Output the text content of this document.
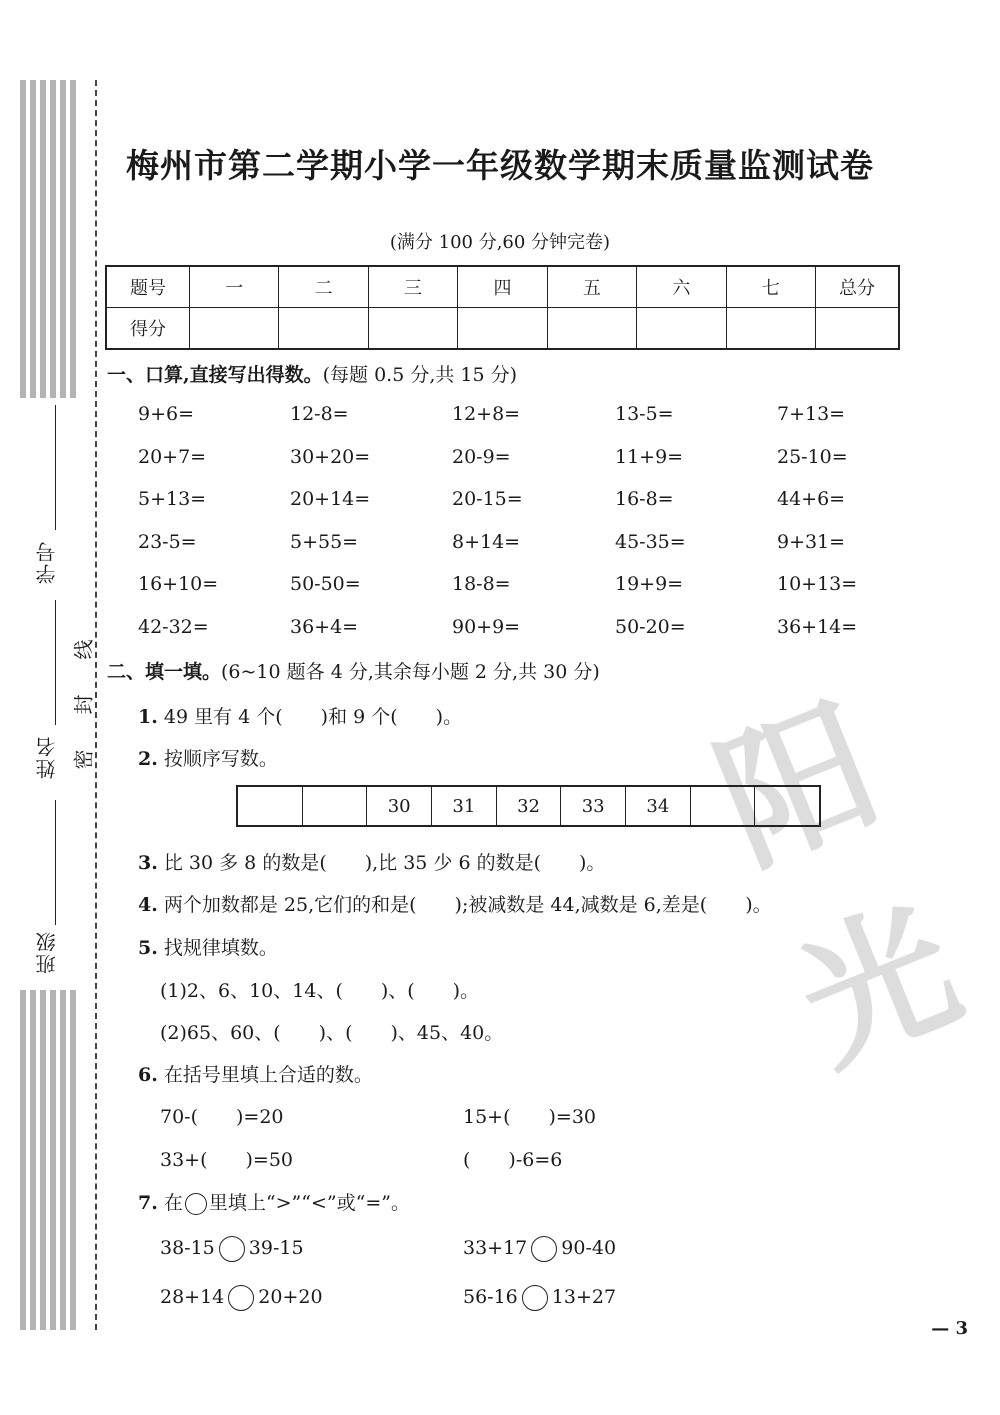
学号
姓名
班级
线
封
密	阳光
梅州市第二学期小学一年级数学期末质量监测试卷
(满分 100 分,60 分钟完卷)
题号	一	二	三	四	五	六	七	总分
得分								
一、口算,直接写出得数。(每题 0.5 分,共 15 分)
9+6=	12-8=	12+8=	13-5=	7+13=
20+7=	30+20=	20-9=	11+9=	25-10=
5+13=	20+14=	20-15=	16-8=	44+6=
23-5=	5+55=	8+14=	45-35=	9+31=
16+10=	50-50=	18-8=	19+9=	10+13=
42-32=	36+4=	90+9=	50-20=	36+14=
二、填一填。(6~10 题各 4 分,其余每小题 2 分,共 30 分)
1. 49 里有 4 个(　　)和 9 个(　　)。
2. 按顺序写数。
30	31	32	33	34
3. 比 30 多 8 的数是(　　),比 35 少 6 的数是(　　)。
4. 两个加数都是 25,它们的和是(　　);被减数是 44,减数是 6,差是(　　)。
5. 找规律填数。
(1)2、6、10、14、(　　)、(　　)。
(2)65、60、(　　)、(　　)、45、40。
6. 在括号里填上合适的数。
70-(　　)=20	15+(　　)=30
33+(　　)=50	(　　)-6=6
7. 在 里填上“>”“<”或“=”。
38-15 39-15	33+17 90-40
28+14 20+20	56-16 13+27
— 3
